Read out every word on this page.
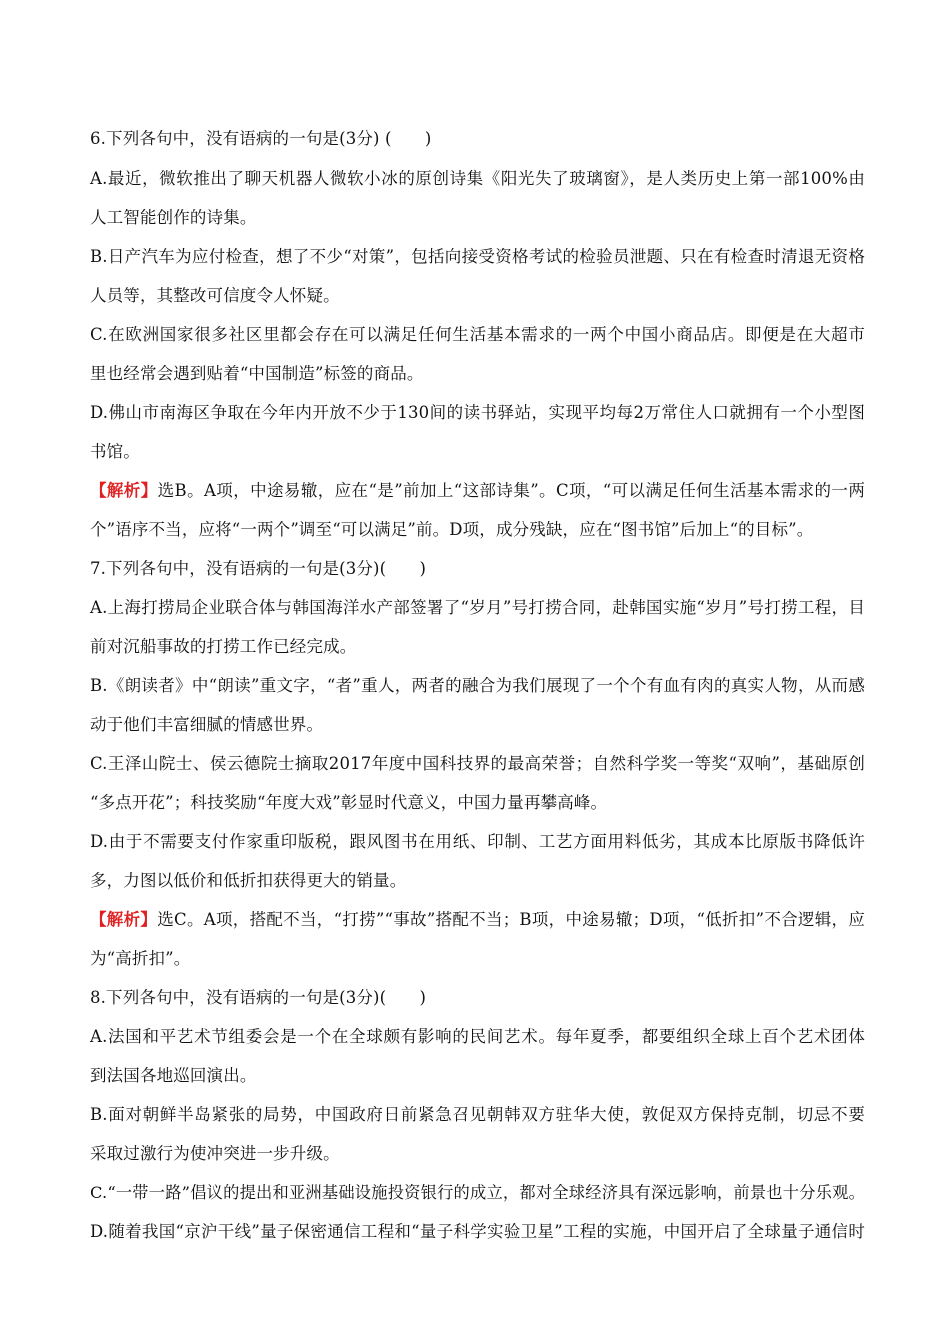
6.下列各句中，没有语病的一句是(3分) (　　)
A.最近，微软推出了聊天机器人微软小冰的原创诗集《阳光失了玻璃窗》，是人类历史上第一部100%由
人工智能创作的诗集。
B.日产汽车为应付检查，想了不少“对策”，包括向接受资格考试的检验员泄题、只在有检查时清退无资格
人员等，其整改可信度令人怀疑。
C.在欧洲国家很多社区里都会存在可以满足任何生活基本需求的一两个中国小商品店。即便是在大超市
里也经常会遇到贴着“中国制造”标签的商品。
D.佛山市南海区争取在今年内开放不少于130间的读书驿站，实现平均每2万常住人口就拥有一个小型图
书馆。
【解析】选B。A项，中途易辙，应在“是”前加上“这部诗集”。C项，“可以满足任何生活基本需求的一两
个”语序不当，应将“一两个”调至“可以满足”前。D项，成分残缺，应在“图书馆”后加上“的目标”。
7.下列各句中，没有语病的一句是(3分)(　　)
A.上海打捞局企业联合体与韩国海洋水产部签署了“岁月”号打捞合同，赴韩国实施“岁月”号打捞工程，目
前对沉船事故的打捞工作已经完成。
B.《朗读者》中“朗读”重文字，“者”重人，两者的融合为我们展现了一个个有血有肉的真实人物，从而感
动于他们丰富细腻的情感世界。
C.王泽山院士、侯云德院士摘取2017年度中国科技界的最高荣誉；自然科学奖一等奖“双响”，基础原创
“多点开花”；科技奖励“年度大戏”彰显时代意义，中国力量再攀高峰。
D.由于不需要支付作家重印版税，跟风图书在用纸、印制、工艺方面用料低劣，其成本比原版书降低许
多，力图以低价和低折扣获得更大的销量。
【解析】选C。A项，搭配不当，“打捞”“事故”搭配不当；B项，中途易辙；D项，“低折扣”不合逻辑，应
为“高折扣”。
8.下列各句中，没有语病的一句是(3分)(　　)
A.法国和平艺术节组委会是一个在全球颇有影响的民间艺术。每年夏季，都要组织全球上百个艺术团体
到法国各地巡回演出。
B.面对朝鲜半岛紧张的局势，中国政府日前紧急召见朝韩双方驻华大使，敦促双方保持克制，切忌不要
采取过激行为使冲突进一步升级。
C.“一带一路”倡议的提出和亚洲基础设施投资银行的成立，都对全球经济具有深远影响，前景也十分乐观。
D.随着我国“京沪干线”量子保密通信工程和“量子科学实验卫星”工程的实施，中国开启了全球量子通信时
